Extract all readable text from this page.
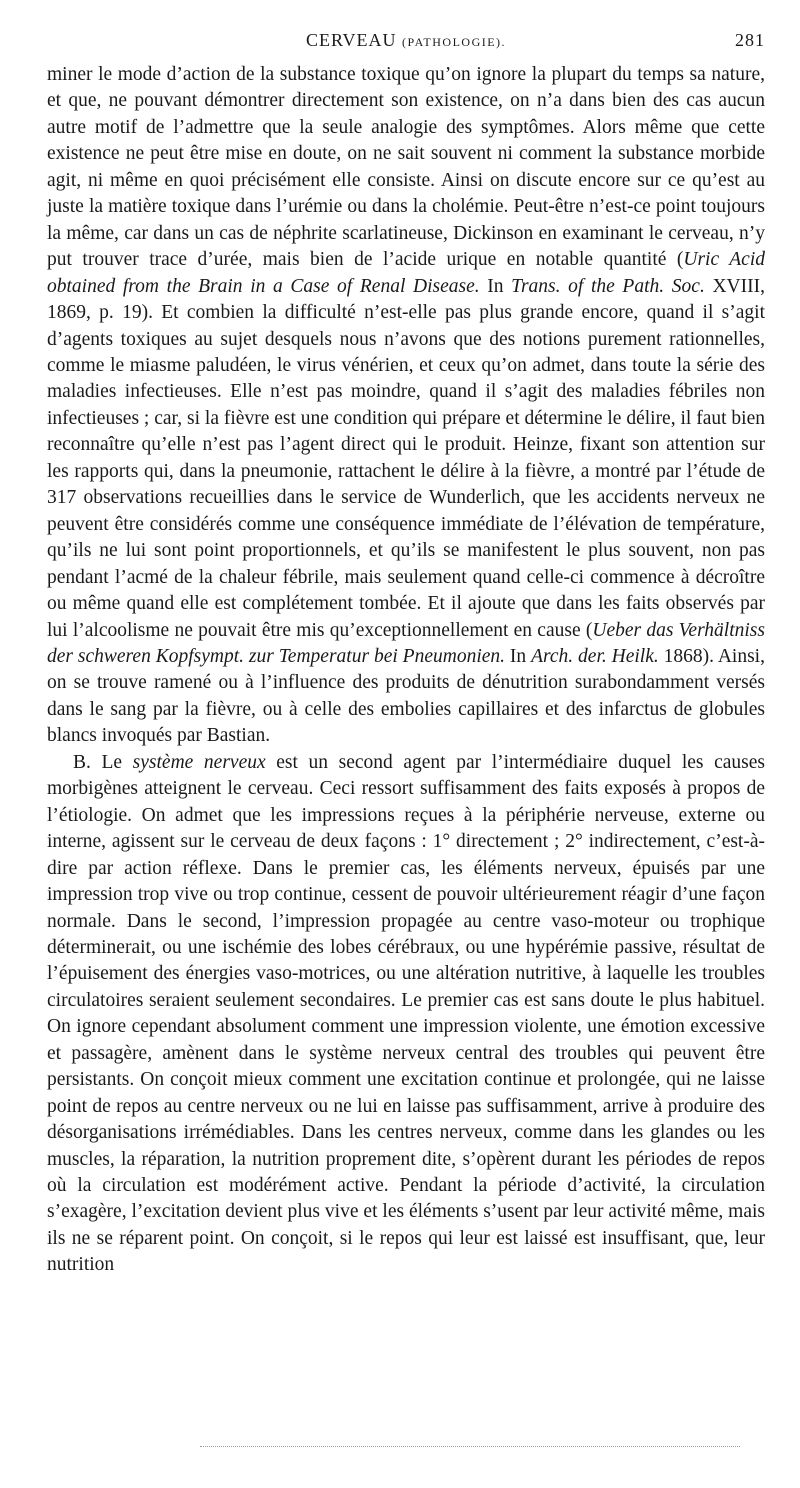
CERVEAU (PATHOLOGIE).	281

miner le mode d’action de la substance toxique qu’on ignore la plupart du temps sa nature, et que, ne pouvant démontrer directement son existence, on n’a dans bien des cas aucun autre motif de l’admettre que la seule analogie des symptômes. Alors même que cette existence ne peut être mise en doute, on ne sait souvent ni comment la substance morbide agit, ni même en quoi précisément elle consiste. Ainsi on discute encore sur ce qu’est au juste la matière toxique dans l’urémie ou dans la cholémie. Peut-être n’est-ce point toujours la même, car dans un cas de néphrite scarlatineuse, Dickinson en examinant le cerveau, n’y put trouver trace d’urée, mais bien de l’acide urique en notable quantité (Uric Acid obtained from the Brain in a Case of Renal Disease. In Trans. of the Path. Soc. XVIII, 1869, p. 19). Et combien la difficulté n’est-elle pas plus grande encore, quand il s’agit d’agents toxiques au sujet desquels nous n’avons que des notions purement rationnelles, comme le miasme paludéen, le virus vénérien, et ceux qu’on admet, dans toute la série des maladies infectieuses. Elle n’est pas moindre, quand il s’agit des maladies fébriles non infectieuses ; car, si la fièvre est une condition qui prépare et détermine le délire, il faut bien reconnaître qu’elle n’est pas l’agent direct qui le produit. Heinze, fixant son attention sur les rapports qui, dans la pneumonie, rattachent le délire à la fièvre, a montré par l’étude de 317 observations recueillies dans le service de Wunderlich, que les accidents nerveux ne peuvent être considérés comme une conséquence immédiate de l’élévation de température, qu’ils ne lui sont point proportionnels, et qu’ils se manifestent le plus souvent, non pas pendant l’acmé de la chaleur fébrile, mais seulement quand celle-ci commence à décroître ou même quand elle est complétement tombée. Et il ajoute que dans les faits observés par lui l’alcoolisme ne pouvait être mis qu’exceptionnellement en cause (Ueber das Verhältniss der schweren Kopfsympt. zur Temperatur bei Pneumonien. In Arch. der. Heilk. 1868). Ainsi, on se trouve ramené ou à l’influence des produits de dénutrition surabondamment versés dans le sang par la fièvre, ou à celle des embolies capillaires et des infarctus de globules blancs invoqués par Bastian.

B. Le système nerveux est un second agent par l’intermédiaire duquel les causes morbigènes atteignent le cerveau. Ceci ressort suffisamment des faits exposés à propos de l’étiologie. On admet que les impressions reçues à la périphérie nerveuse, externe ou interne, agissent sur le cerveau de deux façons : 1° directement ; 2° indirectement, c’est-à-dire par action réflexe. Dans le premier cas, les éléments nerveux, épuisés par une impression trop vive ou trop continue, cessent de pouvoir ultérieurement réagir d’une façon normale. Dans le second, l’impression propagée au centre vaso-moteur ou trophique déterminerait, ou une ischémie des lobes cérébraux, ou une hypérémie passive, résultat de l’épuisement des énergies vaso-motrices, ou une altération nutritive, à laquelle les troubles circulatoires seraient seulement secondaires. Le premier cas est sans doute le plus habituel. On ignore cependant absolument comment une impression violente, une émotion excessive et passagère, amènent dans le système nerveux central des troubles qui peuvent être persistants. On conçoit mieux comment une excitation continue et prolongée, qui ne laisse point de repos au centre nerveux ou ne lui en laisse pas suffisamment, arrive à produire des désorganisations irrémédiables. Dans les centres nerveux, comme dans les glandes ou les muscles, la réparation, la nutrition proprement dite, s’opèrent durant les périodes de repos où la circulation est modérément active. Pendant la période d’activité, la circulation s’exagère, l’excitation devient plus vive et les éléments s’usent par leur activité même, mais ils ne se réparent point. On conçoit, si le repos qui leur est laissé est insuffisant, que, leur nutrition
